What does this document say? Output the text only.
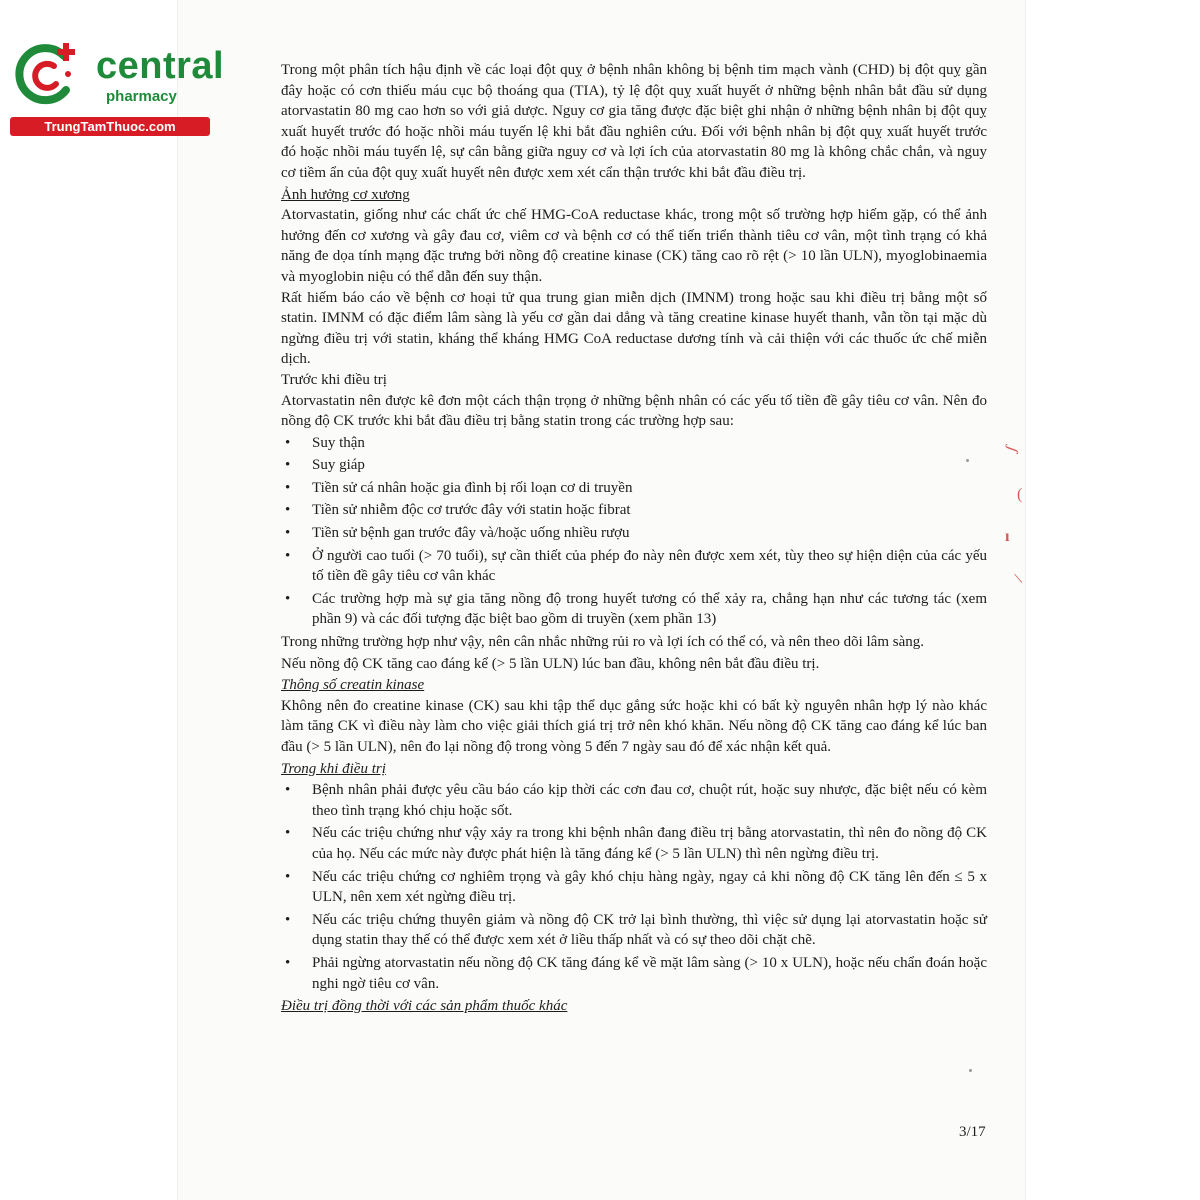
central
pharmacy
TrungTamThuoc.com

Trong một phân tích hậu định về các loại đột quỵ ở bệnh nhân không bị bệnh tim mạch vành (CHD) bị đột quỵ gần đây hoặc có cơn thiếu máu cục bộ thoáng qua (TIA), tỷ lệ đột quỵ xuất huyết ở những bệnh nhân bắt đầu sử dụng atorvastatin 80 mg cao hơn so với giả dược. Nguy cơ gia tăng được đặc biệt ghi nhận ở những bệnh nhân bị đột quỵ xuất huyết trước đó hoặc nhồi máu tuyến lệ khi bắt đầu nghiên cứu. Đối với bệnh nhân bị đột quỵ xuất huyết trước đó hoặc nhồi máu tuyến lệ, sự cân bằng giữa nguy cơ và lợi ích của atorvastatin 80 mg là không chắc chắn, và nguy cơ tiềm ẩn của đột quỵ xuất huyết nên được xem xét cẩn thận trước khi bắt đầu điều trị.

Ảnh hưởng cơ xương

Atorvastatin, giống như các chất ức chế HMG-CoA reductase khác, trong một số trường hợp hiếm gặp, có thể ảnh hưởng đến cơ xương và gây đau cơ, viêm cơ và bệnh cơ có thể tiến triển thành tiêu cơ vân, một tình trạng có khả năng đe dọa tính mạng đặc trưng bởi nồng độ creatine kinase (CK) tăng cao rõ rệt (> 10 lần ULN), myoglobinaemia và myoglobin niệu có thể dẫn đến suy thận.

Rất hiếm báo cáo về bệnh cơ hoại tử qua trung gian miễn dịch (IMNM) trong hoặc sau khi điều trị bằng một số statin. IMNM có đặc điểm lâm sàng là yếu cơ gần dai dẳng và tăng creatine kinase huyết thanh, vẫn tồn tại mặc dù ngừng điều trị với statin, kháng thể kháng HMG CoA reductase dương tính và cải thiện với các thuốc ức chế miễn dịch.

Trước khi điều trị

Atorvastatin nên được kê đơn một cách thận trọng ở những bệnh nhân có các yếu tố tiền đề gây tiêu cơ vân. Nên đo nồng độ CK trước khi bắt đầu điều trị bằng statin trong các trường hợp sau:

• Suy thận
• Suy giáp
• Tiền sử cá nhân hoặc gia đình bị rối loạn cơ di truyền
• Tiền sử nhiễm độc cơ trước đây với statin hoặc fibrat
• Tiền sử bệnh gan trước đây và/hoặc uống nhiều rượu
• Ở người cao tuổi (> 70 tuổi), sự cần thiết của phép đo này nên được xem xét, tùy theo sự hiện diện của các yếu tố tiền đề gây tiêu cơ vân khác
• Các trường hợp mà sự gia tăng nồng độ trong huyết tương có thể xảy ra, chẳng hạn như các tương tác (xem phần 9) và các đối tượng đặc biệt bao gồm di truyền (xem phần 13)

Trong những trường hợp như vậy, nên cân nhắc những rủi ro và lợi ích có thể có, và nên theo dõi lâm sàng.

Nếu nồng độ CK tăng cao đáng kể (> 5 lần ULN) lúc ban đầu, không nên bắt đầu điều trị.

Thông số creatin kinase

Không nên đo creatine kinase (CK) sau khi tập thể dục gắng sức hoặc khi có bất kỳ nguyên nhân hợp lý nào khác làm tăng CK vì điều này làm cho việc giải thích giá trị trở nên khó khăn. Nếu nồng độ CK tăng cao đáng kể lúc ban đầu (> 5 lần ULN), nên đo lại nồng độ trong vòng 5 đến 7 ngày sau đó để xác nhận kết quả.

Trong khi điều trị

• Bệnh nhân phải được yêu cầu báo cáo kịp thời các cơn đau cơ, chuột rút, hoặc suy nhược, đặc biệt nếu có kèm theo tình trạng khó chịu hoặc sốt.
• Nếu các triệu chứng như vậy xảy ra trong khi bệnh nhân đang điều trị bằng atorvastatin, thì nên đo nồng độ CK của họ. Nếu các mức này được phát hiện là tăng đáng kể (> 5 lần ULN) thì nên ngừng điều trị.
• Nếu các triệu chứng cơ nghiêm trọng và gây khó chịu hàng ngày, ngay cả khi nồng độ CK tăng lên đến ≤ 5 x ULN, nên xem xét ngừng điều trị.
• Nếu các triệu chứng thuyên giảm và nồng độ CK trở lại bình thường, thì việc sử dụng lại atorvastatin hoặc sử dụng statin thay thế có thể được xem xét ở liều thấp nhất và có sự theo dõi chặt chẽ.
• Phải ngừng atorvastatin nếu nồng độ CK tăng đáng kể về mặt lâm sàng (> 10 x ULN), hoặc nếu chẩn đoán hoặc nghi ngờ tiêu cơ vân.

Điều trị đồng thời với các sản phẩm thuốc khác

3/17
ʃ
(
ı
/
